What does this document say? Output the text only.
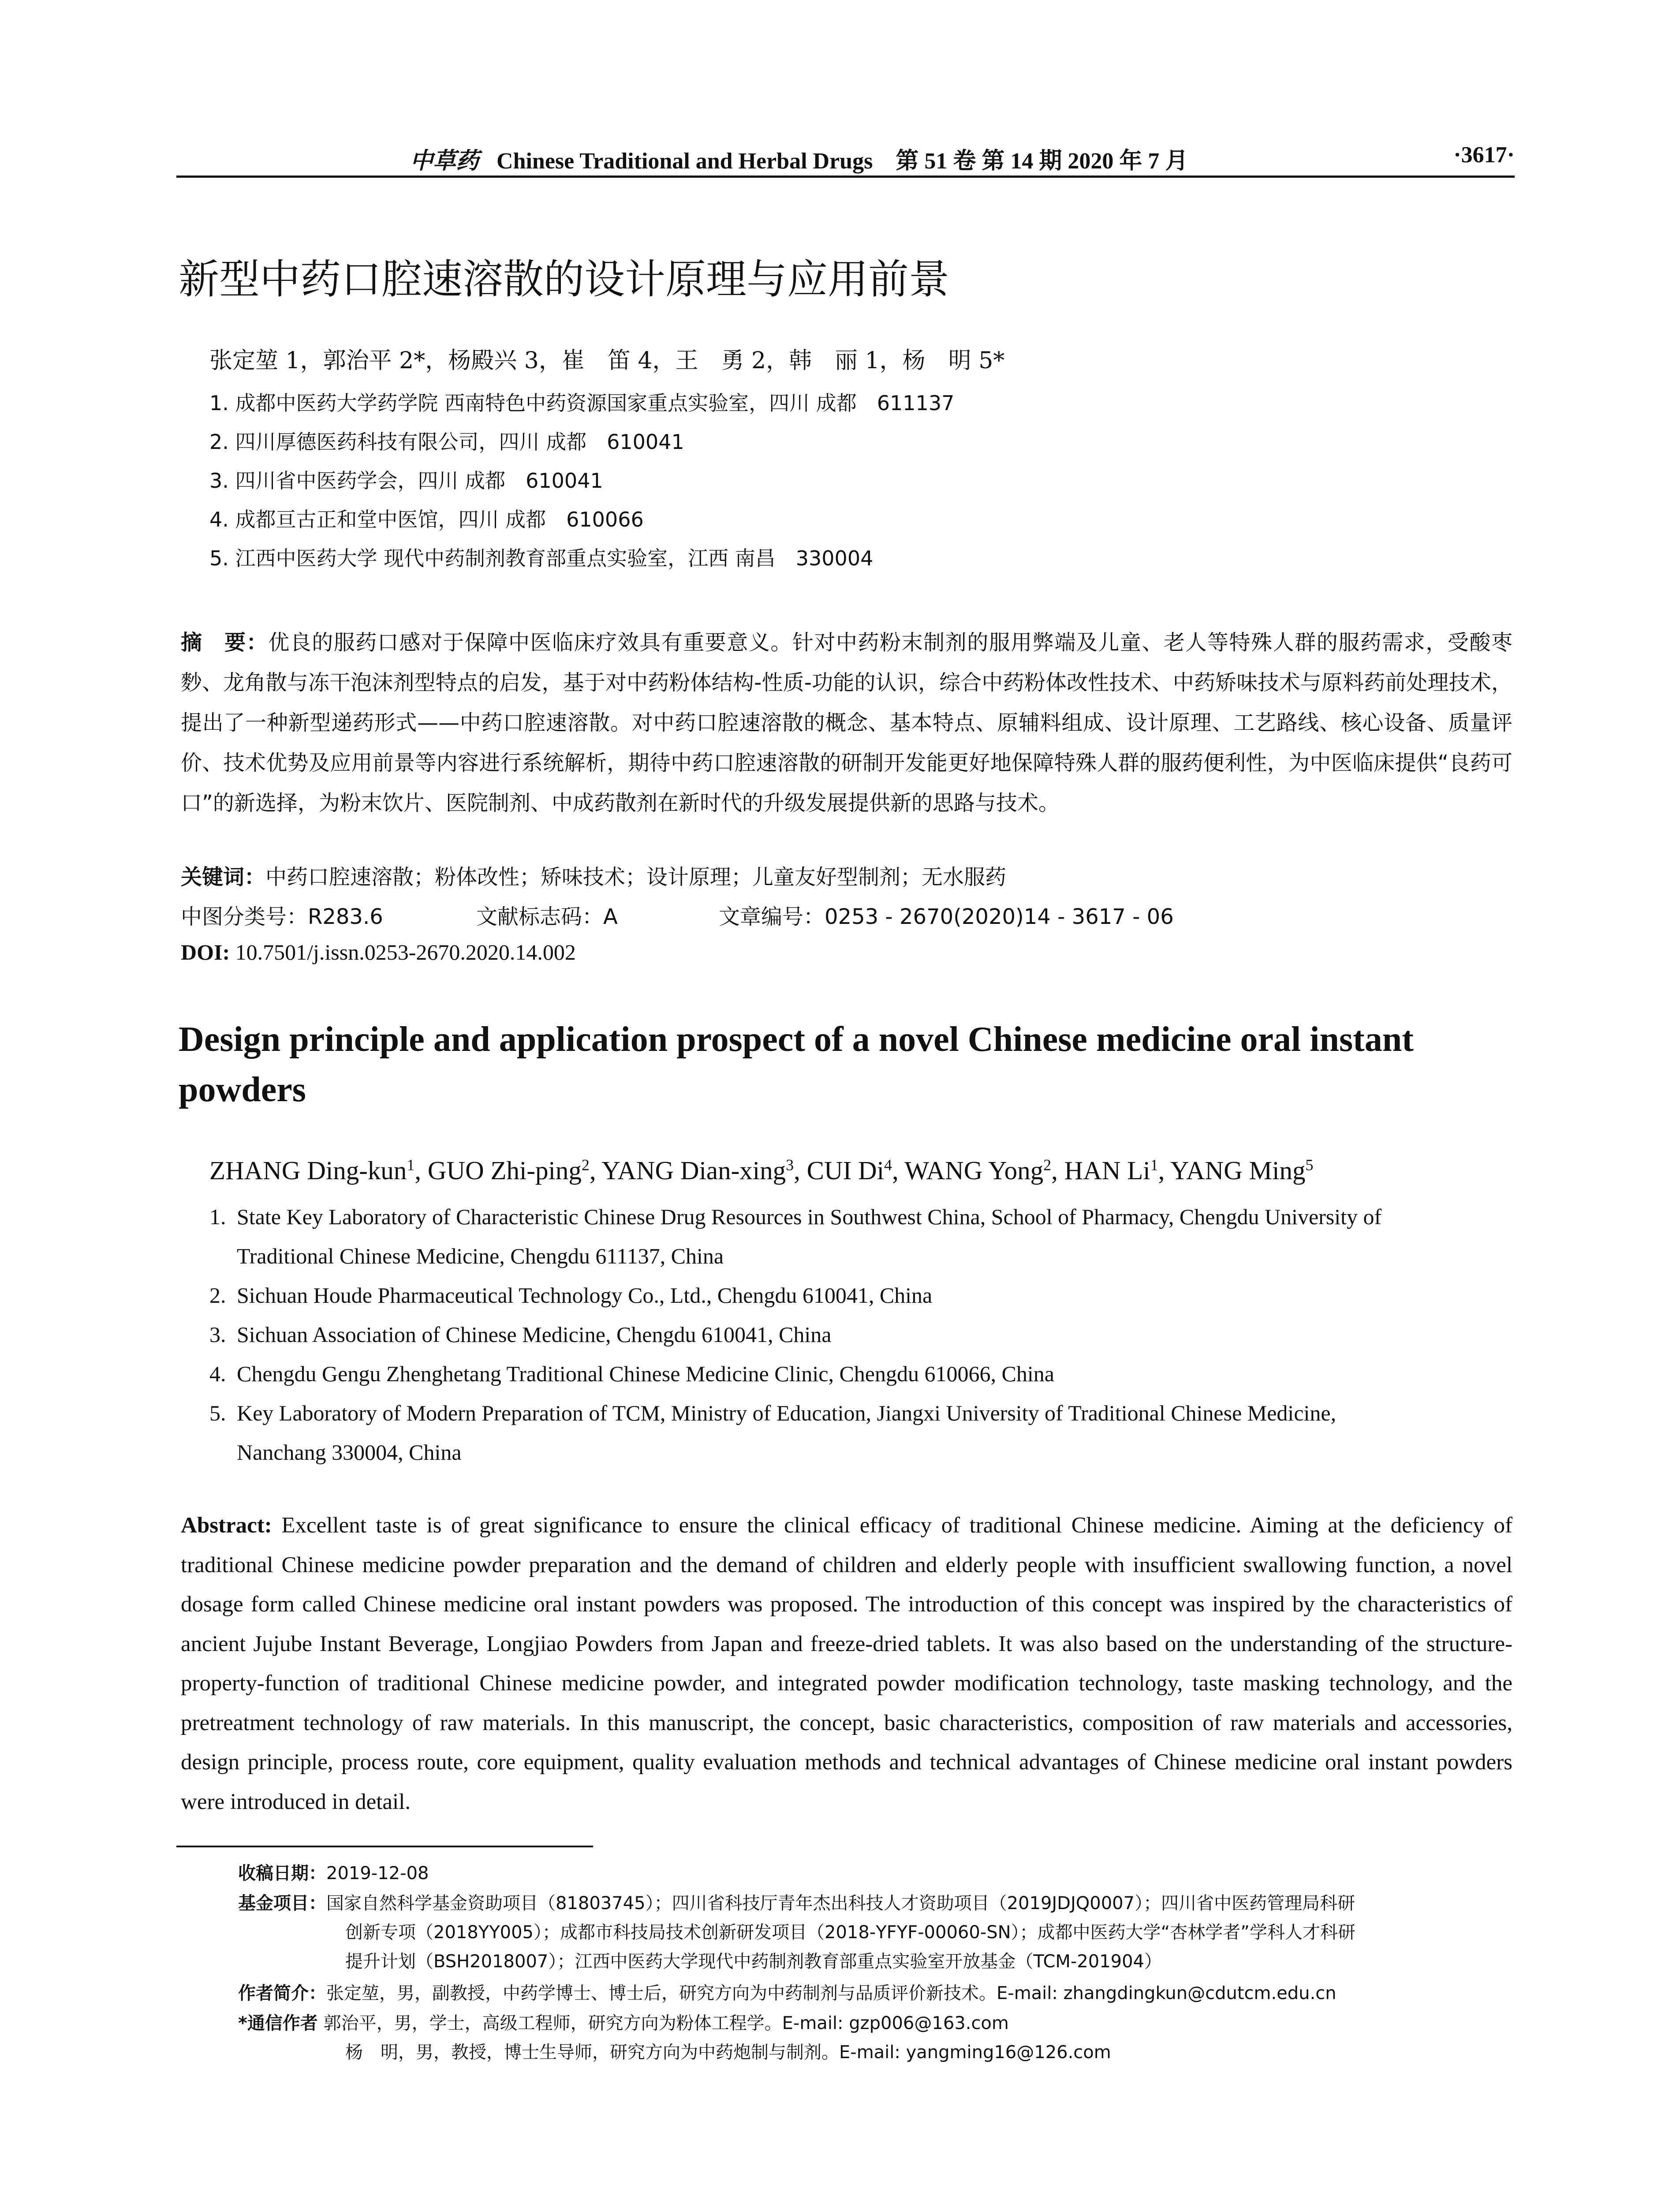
中草药 Chinese Traditional and Herbal Drugs　第 51 卷 第 14 期 2020 年 7 月	·3617·
新型中药口腔速溶散的设计原理与应用前景
张定堃 1，郭治平 2*，杨殿兴 3，崔　笛 4，王　勇 2，韩　丽 1，杨　明 5*
1. 成都中医药大学药学院 西南特色中药资源国家重点实验室，四川 成都　611137
2. 四川厚德医药科技有限公司，四川 成都　610041
3. 四川省中医药学会，四川 成都　610041
4. 成都亘古正和堂中医馆，四川 成都　610066
5. 江西中医药大学 现代中药制剂教育部重点实验室，江西 南昌　330004

摘　要：优良的服药口感对于保障中医临床疗效具有重要意义。针对中药粉末制剂的服用弊端及儿童、老人等特殊人群的服药需求，受酸枣麨、龙角散与冻干泡沫剂型特点的启发，基于对中药粉体结构-性质-功能的认识，综合中药粉体改性技术、中药矫味技术与原料药前处理技术，提出了一种新型递药形式——中药口腔速溶散。对中药口腔速溶散的概念、基本特点、原辅料组成、设计原理、工艺路线、核心设备、质量评价、技术优势及应用前景等内容进行系统解析，期待中药口腔速溶散的研制开发能更好地保障特殊人群的服药便利性，为中医临床提供“良药可口”的新选择，为粉末饮片、医院制剂、中成药散剂在新时代的升级发展提供新的思路与技术。

关键词：中药口腔速溶散；粉体改性；矫味技术；设计原理；儿童友好型制剂；无水服药
中图分类号：R283.6	文献标志码：A	文章编号：0253 - 2670(2020)14 - 3617 - 06
DOI: 10.7501/j.issn.0253-2670.2020.14.002
Design principle and application prospect of a novel Chinese medicine oral instant powders
ZHANG Ding-kun$^1$, GUO Zhi-ping$^2$, YANG Dian-xing$^3$, CUI Di$^4$, WANG Yong$^2$, HAN Li$^1$, YANG Ming$^5$

1. State Key Laboratory of Characteristic Chinese Drug Resources in Southwest China, School of Pharmacy, Chengdu University of
Traditional Chinese Medicine, Chengdu 611137, China

2. Sichuan Houde Pharmaceutical Technology Co., Ltd., Chengdu 610041, China

3. Sichuan Association of Chinese Medicine, Chengdu 610041, China

4. Chengdu Gengu Zhenghetang Traditional Chinese Medicine Clinic, Chengdu 610066, China

5. Key Laboratory of Modern Preparation of TCM, Ministry of Education, Jiangxi University of Traditional Chinese Medicine,
Nanchang 330004, China

Abstract: Excellent taste is of great significance to ensure the clinical efficacy of traditional Chinese medicine. Aiming at the deficiency of traditional Chinese medicine powder preparation and the demand of children and elderly people with insufficient swallowing function, a novel dosage form called Chinese medicine oral instant powders was proposed. The introduction of this concept was inspired by the characteristics of ancient Jujube Instant Beverage, Longjiao Powders from Japan and freeze-dried tablets. It was also based on the understanding of the structure-property-function of traditional Chinese medicine powder, and integrated powder modification technology, taste masking technology, and the pretreatment technology of raw materials. In this manuscript, the concept, basic characteristics, composition of raw materials and accessories, design principle, process route, core equipment, quality evaluation methods and technical advantages of Chinese medicine oral instant powders were introduced in detail.

收稿日期：2019-12-08

基金项目：国家自然科学基金资助项目（81803745）；四川省科技厅青年杰出科技人才资助项目（2019JDJQ0007）；四川省中医药管理局科研
创新专项（2018YY005）；成都市科技局技术创新研发项目（2018-YFYF-00060-SN）；成都中医药大学“杏林学者”学科人才科研
提升计划（BSH2018007）；江西中医药大学现代中药制剂教育部重点实验室开放基金（TCM-201904）

作者简介：张定堃，男，副教授，中药学博士、博士后，研究方向为中药制剂与品质评价新技术。E-mail: zhangdingkun@cdutcm.edu.cn

*通信作者 郭治平，男，学士，高级工程师，研究方向为粉体工程学。E-mail: gzp006@163.com
杨　明，男，教授，博士生导师，研究方向为中药炮制与制剂。E-mail: yangming16@126.com
